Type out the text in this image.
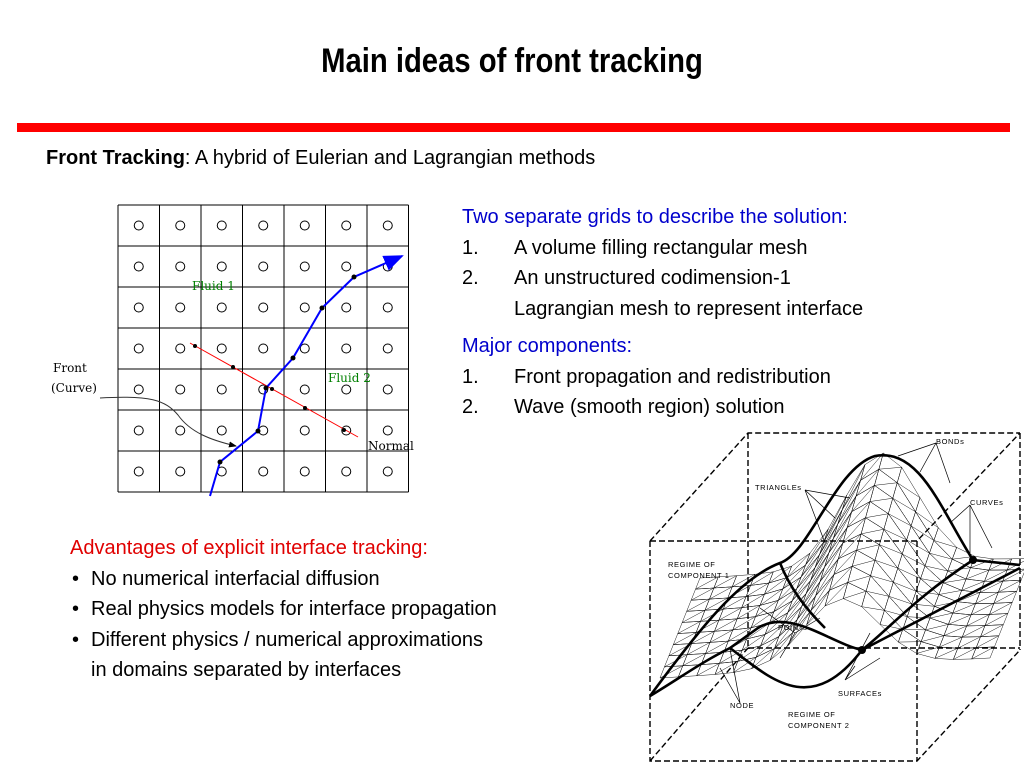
Main ideas of front tracking
Front Tracking: A hybrid of Eulerian and Lagrangian methods
Two separate grids to describe the solution:
1.	A volume filling rectangular mesh
2.	An unstructured codimension-1
Lagrangian mesh to represent interface
Major components:
1.	Front propagation and redistribution
2.	Wave (smooth region) solution
Advantages of explicit interface tracking:
• No numerical interfacial diffusion
• Real physics models for interface propagation
• Different physics / numerical approximations
in domains separated by interfaces
Fluid 1
Fluid 2
Front
(Curve)
Normal	BONDs
TRIANGLEs
CURVEs
REGIME OF
COMPONENT 1
POINTs
SURFACEs
NODE
REGIME OF
COMPONENT 2
